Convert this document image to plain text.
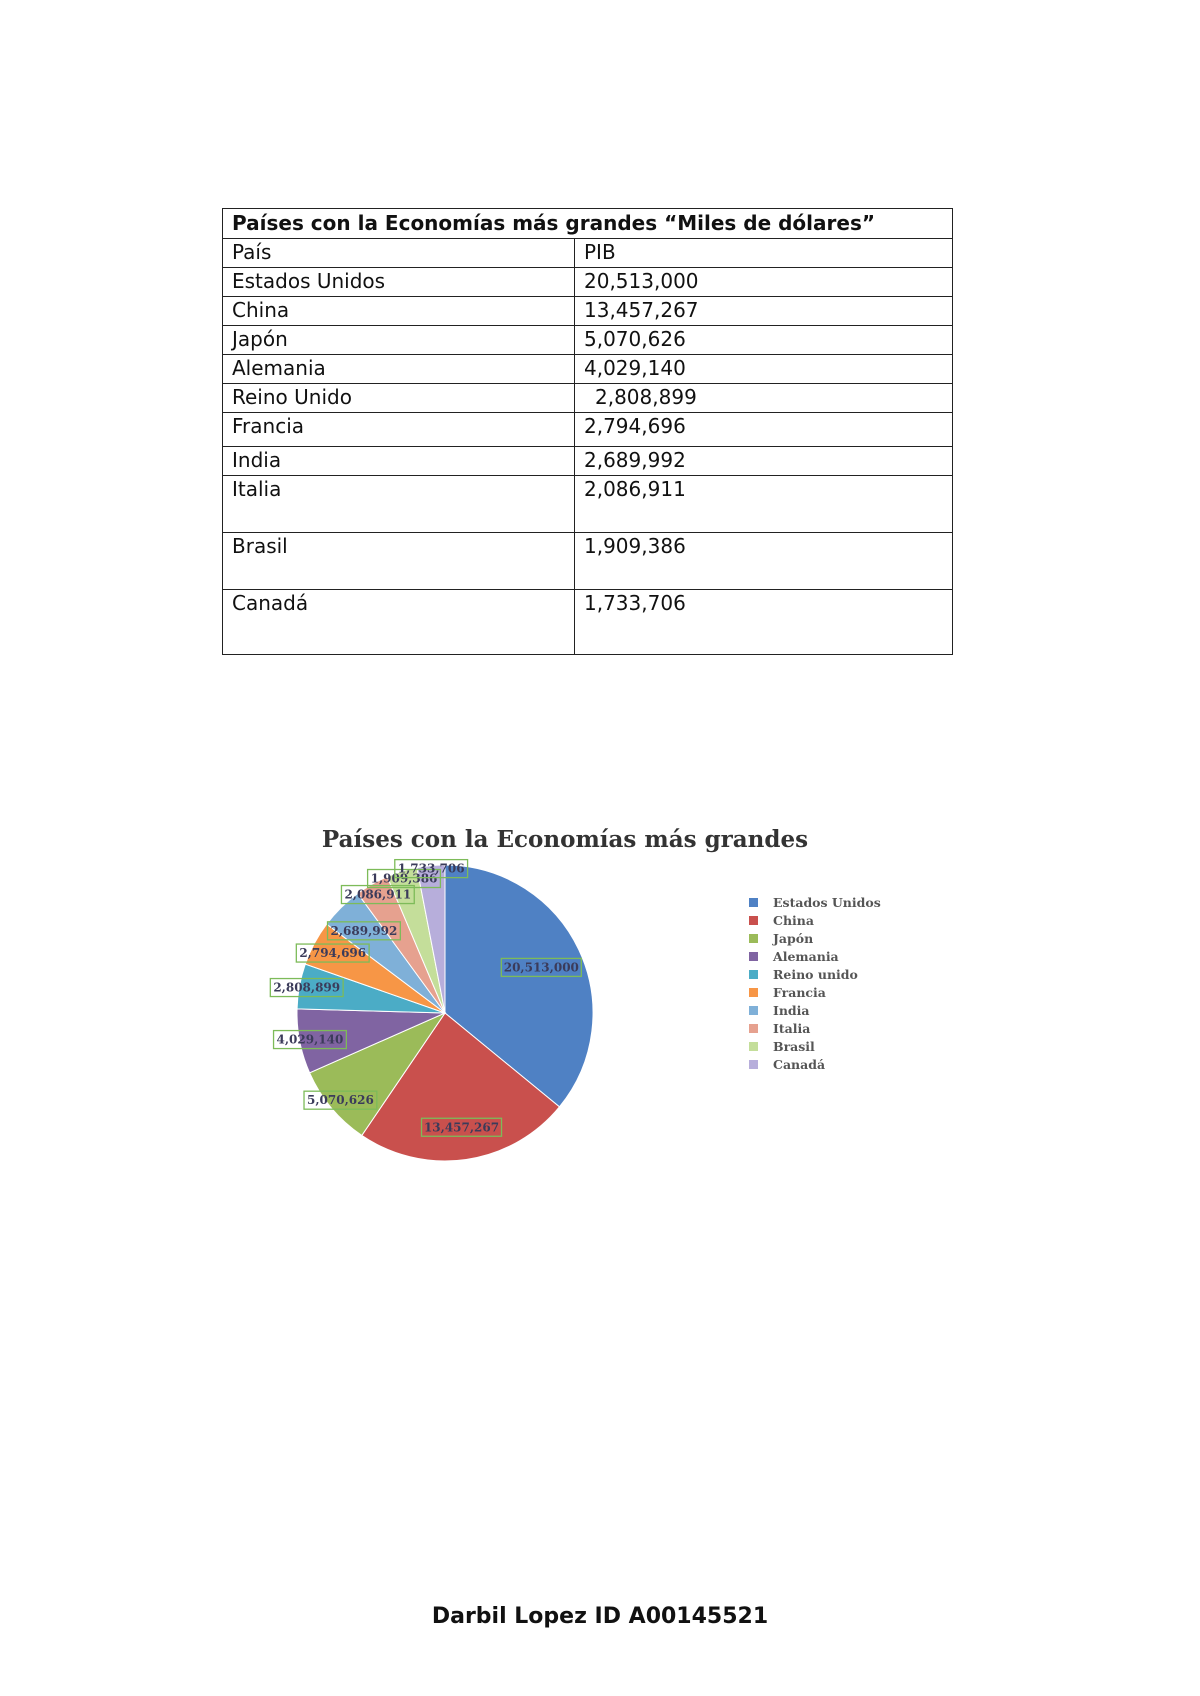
Países con la Economías más grandes “Miles de dólares”	
País	PIB
Estados Unidos	20,513,000
China	13,457,267
Japón	5,070,626
Alemania	4,029,140
Reino Unido	2,808,899
Francia	2,794,696
India	2,689,992
Italia	2,086,911
Brasil	1,909,386
Canadá	1,733,706
Países con la Economías más grandes
20,513,000
13,457,267
5,070,626
4,029,140
2,808,899
2,794,696
2,689,992
2,086,911
1,909,386
1,733,706
Estados Unidos
China
Japón
Alemania
Reino unido
Francia
India
Italia
Brasil
Canadá
Darbil Lopez ID A00145521
